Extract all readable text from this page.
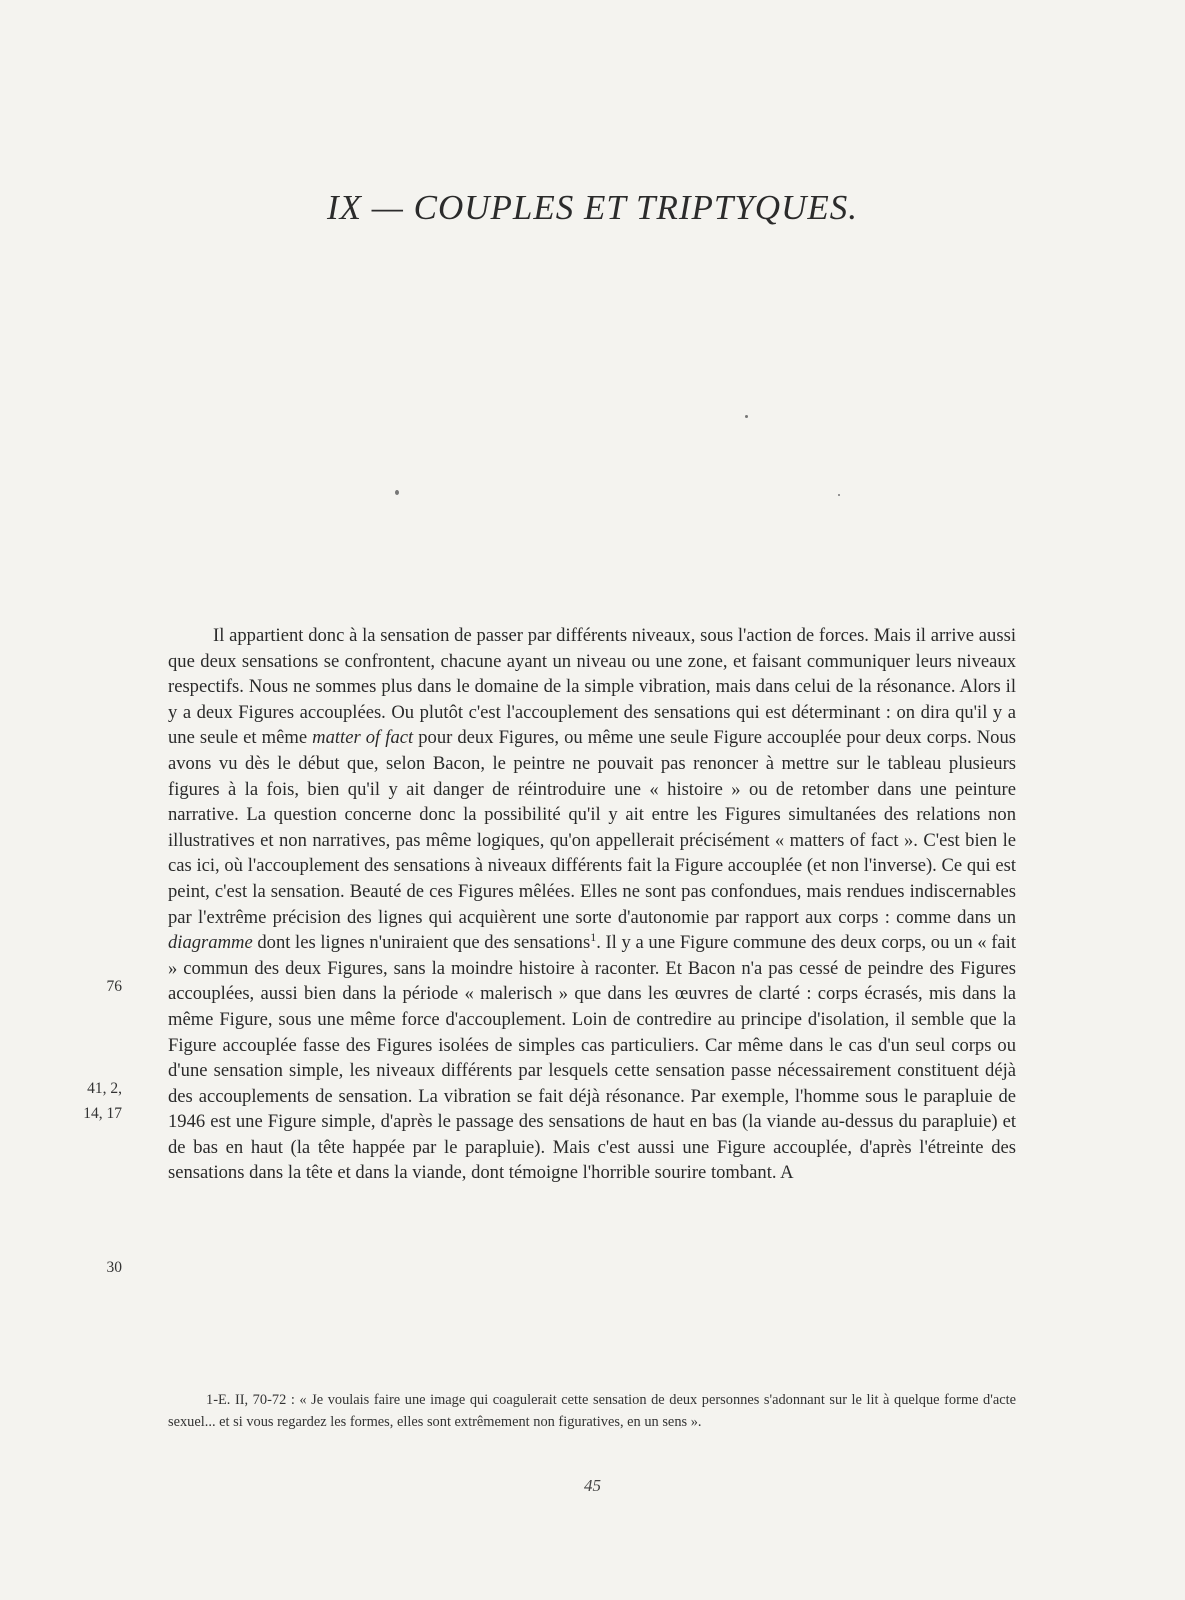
IX — COUPLES ET TRIPTYQUES.
76
41, 2,
14, 17
30

Il appartient donc à la sensation de passer par différents niveaux, sous l'action de forces. Mais il arrive aussi que deux sensations se confrontent, chacune ayant un niveau ou une zone, et faisant communiquer leurs niveaux respectifs. Nous ne sommes plus dans le domaine de la simple vibration, mais dans celui de la résonance. Alors il y a deux Figures accouplées. Ou plutôt c'est l'accouplement des sensations qui est déterminant : on dira qu'il y a une seule et même matter of fact pour deux Figures, ou même une seule Figure accouplée pour deux corps. Nous avons vu dès le début que, selon Bacon, le peintre ne pouvait pas renoncer à mettre sur le tableau plusieurs figures à la fois, bien qu'il y ait danger de réintroduire une « histoire » ou de retomber dans une peinture narrative. La question concerne donc la possibilité qu'il y ait entre les Figures simultanées des relations non illustratives et non narratives, pas même logiques, qu'on appellerait précisément « matters of fact ». C'est bien le cas ici, où l'accouplement des sensations à niveaux différents fait la Figure accouplée (et non l'inverse). Ce qui est peint, c'est la sensation. Beauté de ces Figures mêlées. Elles ne sont pas confondues, mais rendues indiscernables par l'extrême précision des lignes qui acquièrent une sorte d'autonomie par rapport aux corps : comme dans un diagramme dont les lignes n'uniraient que des sensations$^1$. Il y a une Figure commune des deux corps, ou un « fait » commun des deux Figures, sans la moindre histoire à raconter. Et Bacon n'a pas cessé de peindre des Figures accouplées, aussi bien dans la période « malerisch » que dans les œuvres de clarté : corps écrasés, mis dans la même Figure, sous une même force d'accouplement. Loin de contredire au principe d'isolation, il semble que la Figure accouplée fasse des Figures isolées de simples cas particuliers. Car même dans le cas d'un seul corps ou d'une sensation simple, les niveaux différents par lesquels cette sensation passe nécessairement constituent déjà des accouplements de sensation. La vibration se fait déjà résonance. Par exemple, l'homme sous le parapluie de 1946 est une Figure simple, d'après le passage des sensations de haut en bas (la viande au-dessus du parapluie) et de bas en haut (la tête happée par le parapluie). Mais c'est aussi une Figure accouplée, d'après l'étreinte des sensations dans la tête et dans la viande, dont témoigne l'horrible sourire tombant. A

1-E. II, 70-72 : « Je voulais faire une image qui coagulerait cette sensation de deux personnes s'adonnant sur le lit à quelque forme d'acte sexuel... et si vous regardez les formes, elles sont extrêmement non figuratives, en un sens ».
45
